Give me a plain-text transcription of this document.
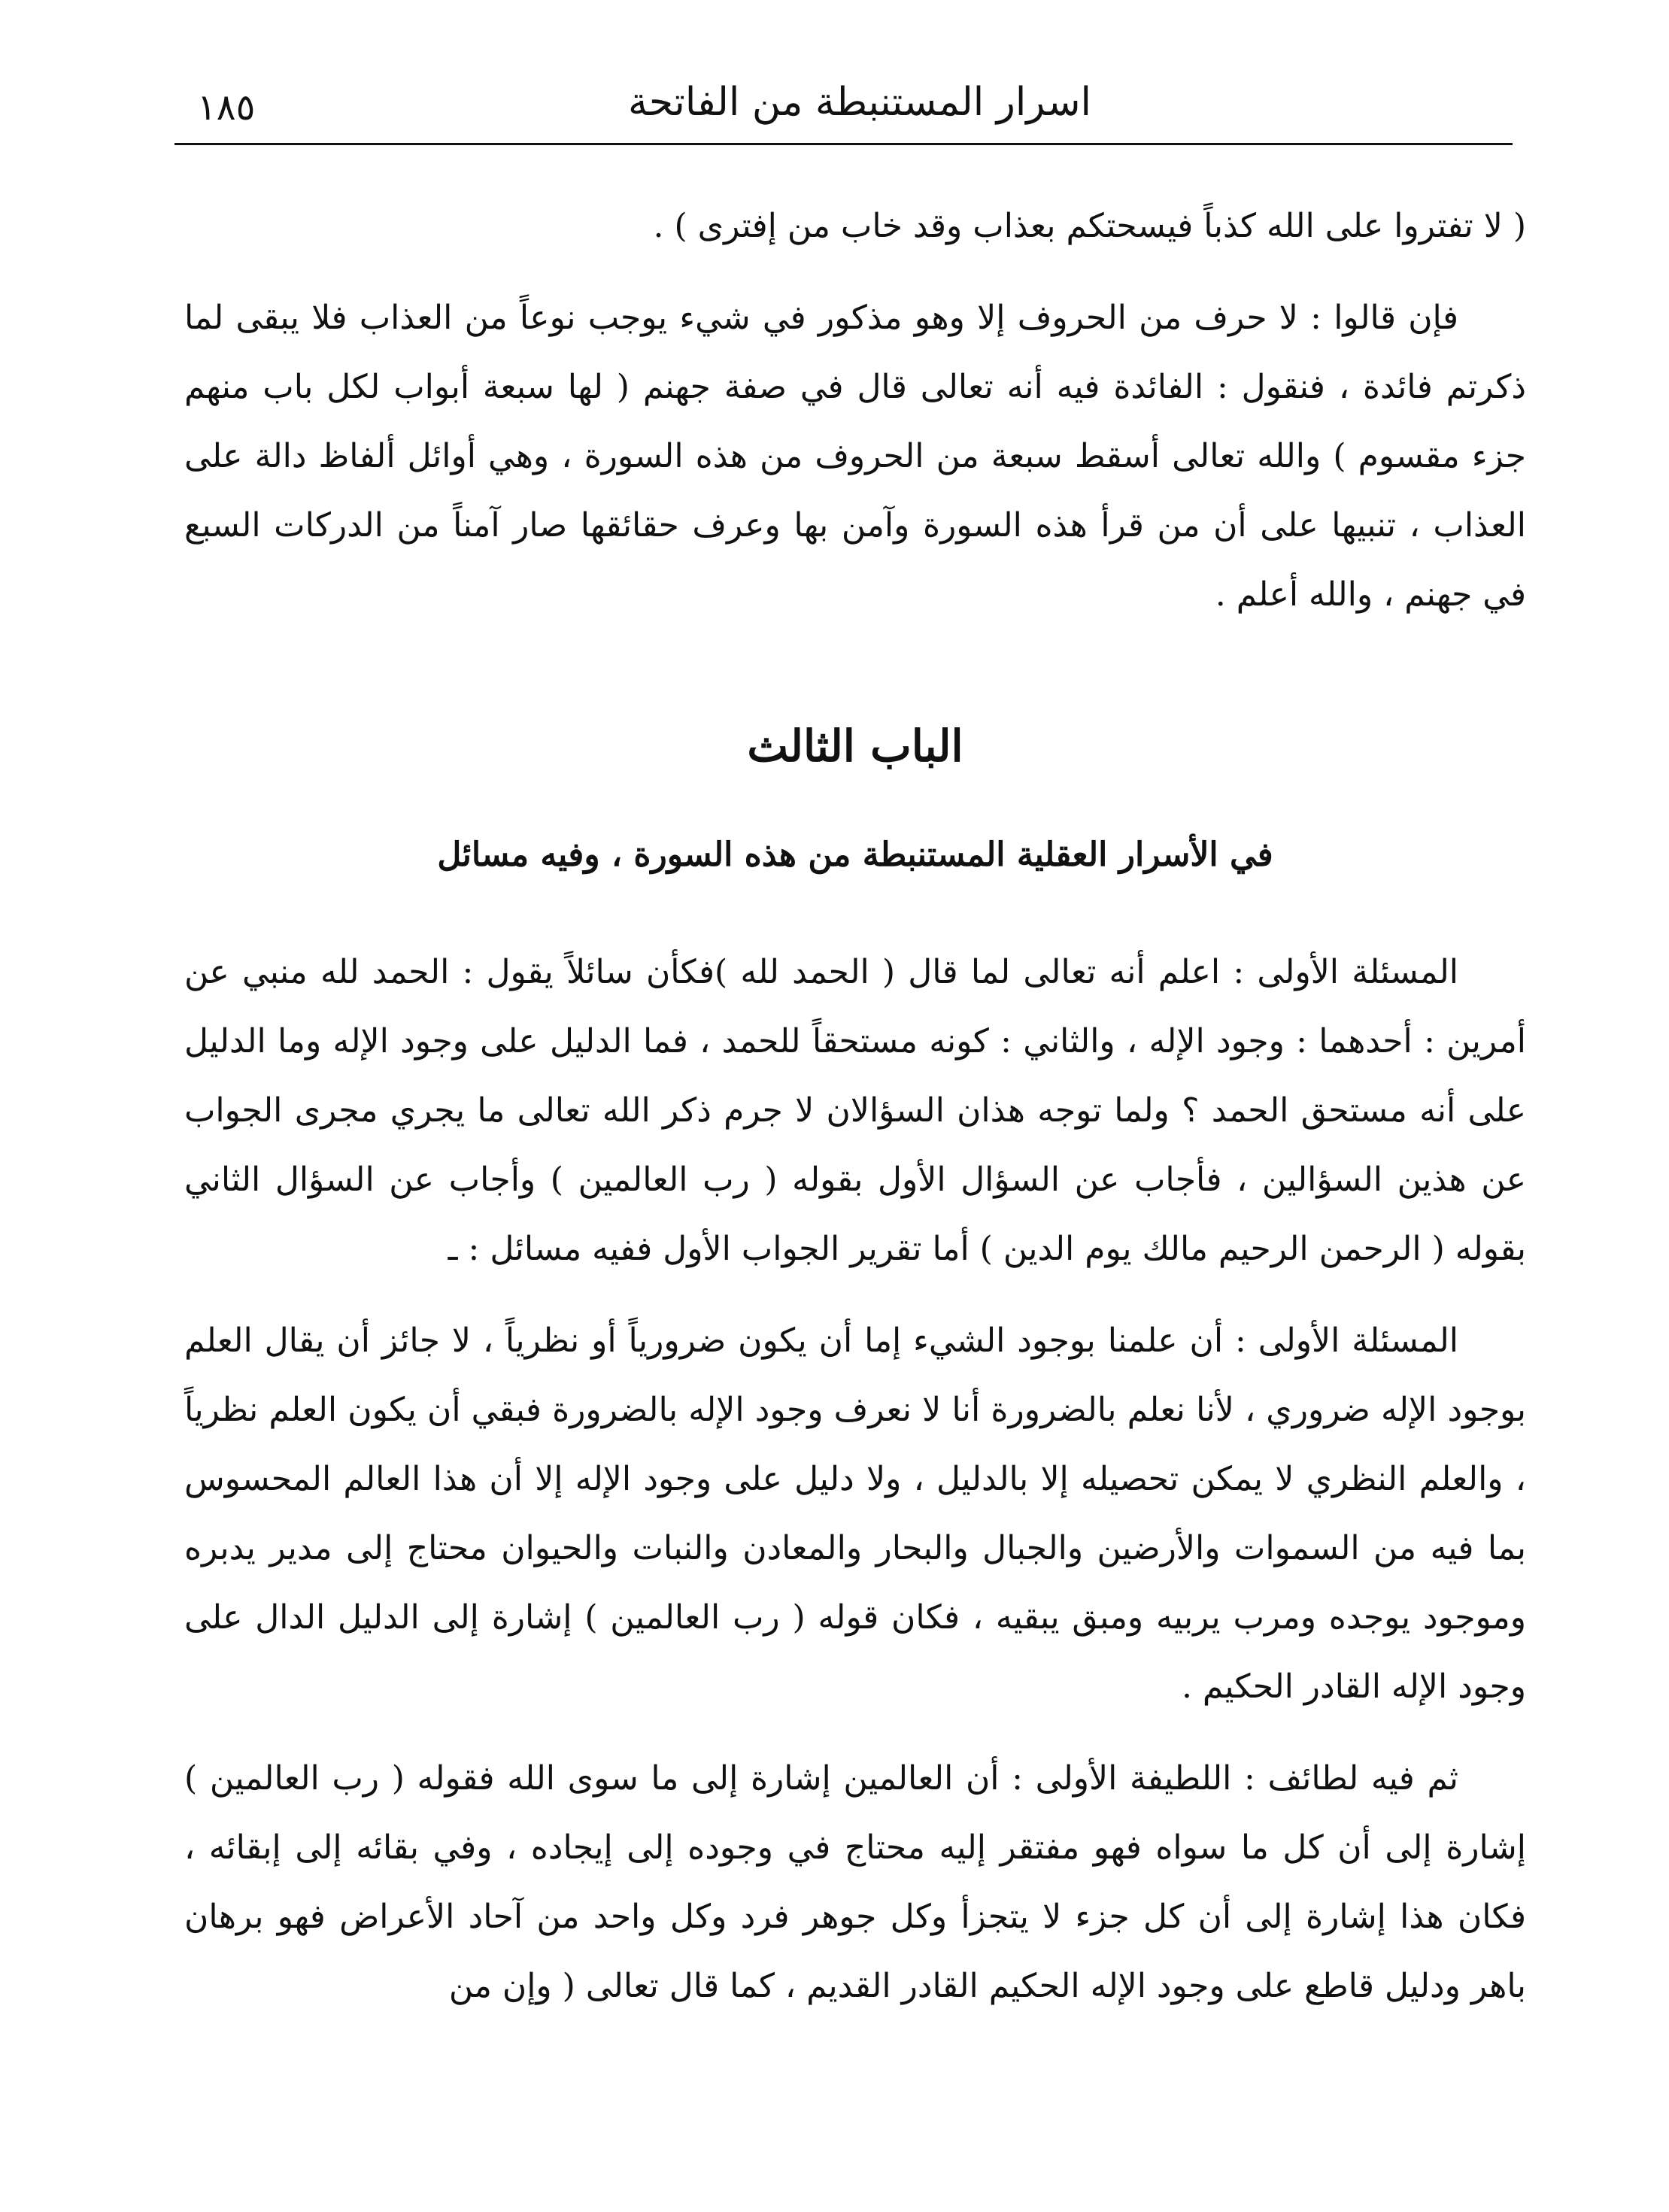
اسرار المستنبطة من الفاتحة
١٨٥

( لا تفتروا على الله كذباً فيسحتكم بعذاب وقد خاب من إفترى ) .

فإن قالوا : لا حرف من الحروف إلا وهو مذكور في شيء يوجب نوعاً من العذاب فلا يبقى لما ذكرتم فائدة ، فنقول : الفائدة فيه أنه تعالى قال في صفة جهنم ( لها سبعة أبواب لكل باب منهم جزء مقسوم ) والله تعالى أسقط سبعة من الحروف من هذه السورة ، وهي أوائل ألفاظ دالة على العذاب ، تنبيها على أن من قرأ هذه السورة وآمن بها وعرف حقائقها صار آمناً من الدركات السبع في جهنم ، والله أعلم .

الباب الثالث
في الأسرار العقلية المستنبطة من هذه السورة ، وفيه مسائل

المسئلة الأولى : اعلم أنه تعالى لما قال ( الحمد لله )فكأن سائلاً يقول : الحمد لله منبي عن أمرين : أحدهما : وجود الإله ، والثاني : كونه مستحقاً للحمد ، فما الدليل على وجود الإله وما الدليل على أنه مستحق الحمد ؟ ولما توجه هذان السؤالان لا جرم ذكر الله تعالى ما يجري مجرى الجواب عن هذين السؤالين ، فأجاب عن السؤال الأول بقوله ( رب العالمين ) وأجاب عن السؤال الثاني بقوله ( الرحمن الرحيم مالك يوم الدين ) أما تقرير الجواب الأول ففيه مسائل : ـ

المسئلة الأولى : أن علمنا بوجود الشيء إما أن يكون ضرورياً أو نظرياً ، لا جائز أن يقال العلم بوجود الإله ضروري ، لأنا نعلم بالضرورة أنا لا نعرف وجود الإله بالضرورة فبقي أن يكون العلم نظرياً ، والعلم النظري لا يمكن تحصيله إلا بالدليل ، ولا دليل على وجود الإله إلا أن هذا العالم المحسوس بما فيه من السموات والأرضين والجبال والبحار والمعادن والنبات والحيوان محتاج إلى مدير يدبره وموجود يوجده ومرب يربيه ومبق يبقيه ، فكان قوله ( رب العالمين ) إشارة إلى الدليل الدال على وجود الإله القادر الحكيم .

ثم فيه لطائف : اللطيفة الأولى : أن العالمين إشارة إلى ما سوى الله فقوله ( رب العالمين ) إشارة إلى أن كل ما سواه فهو مفتقر إليه محتاج في وجوده إلى إيجاده ، وفي بقائه إلى إبقائه ، فكان هذا إشارة إلى أن كل جزء لا يتجزأ وكل جوهر فرد وكل واحد من آحاد الأعراض فهو برهان باهر ودليل قاطع على وجود الإله الحكيم القادر القديم ، كما قال تعالى ( وإن من
